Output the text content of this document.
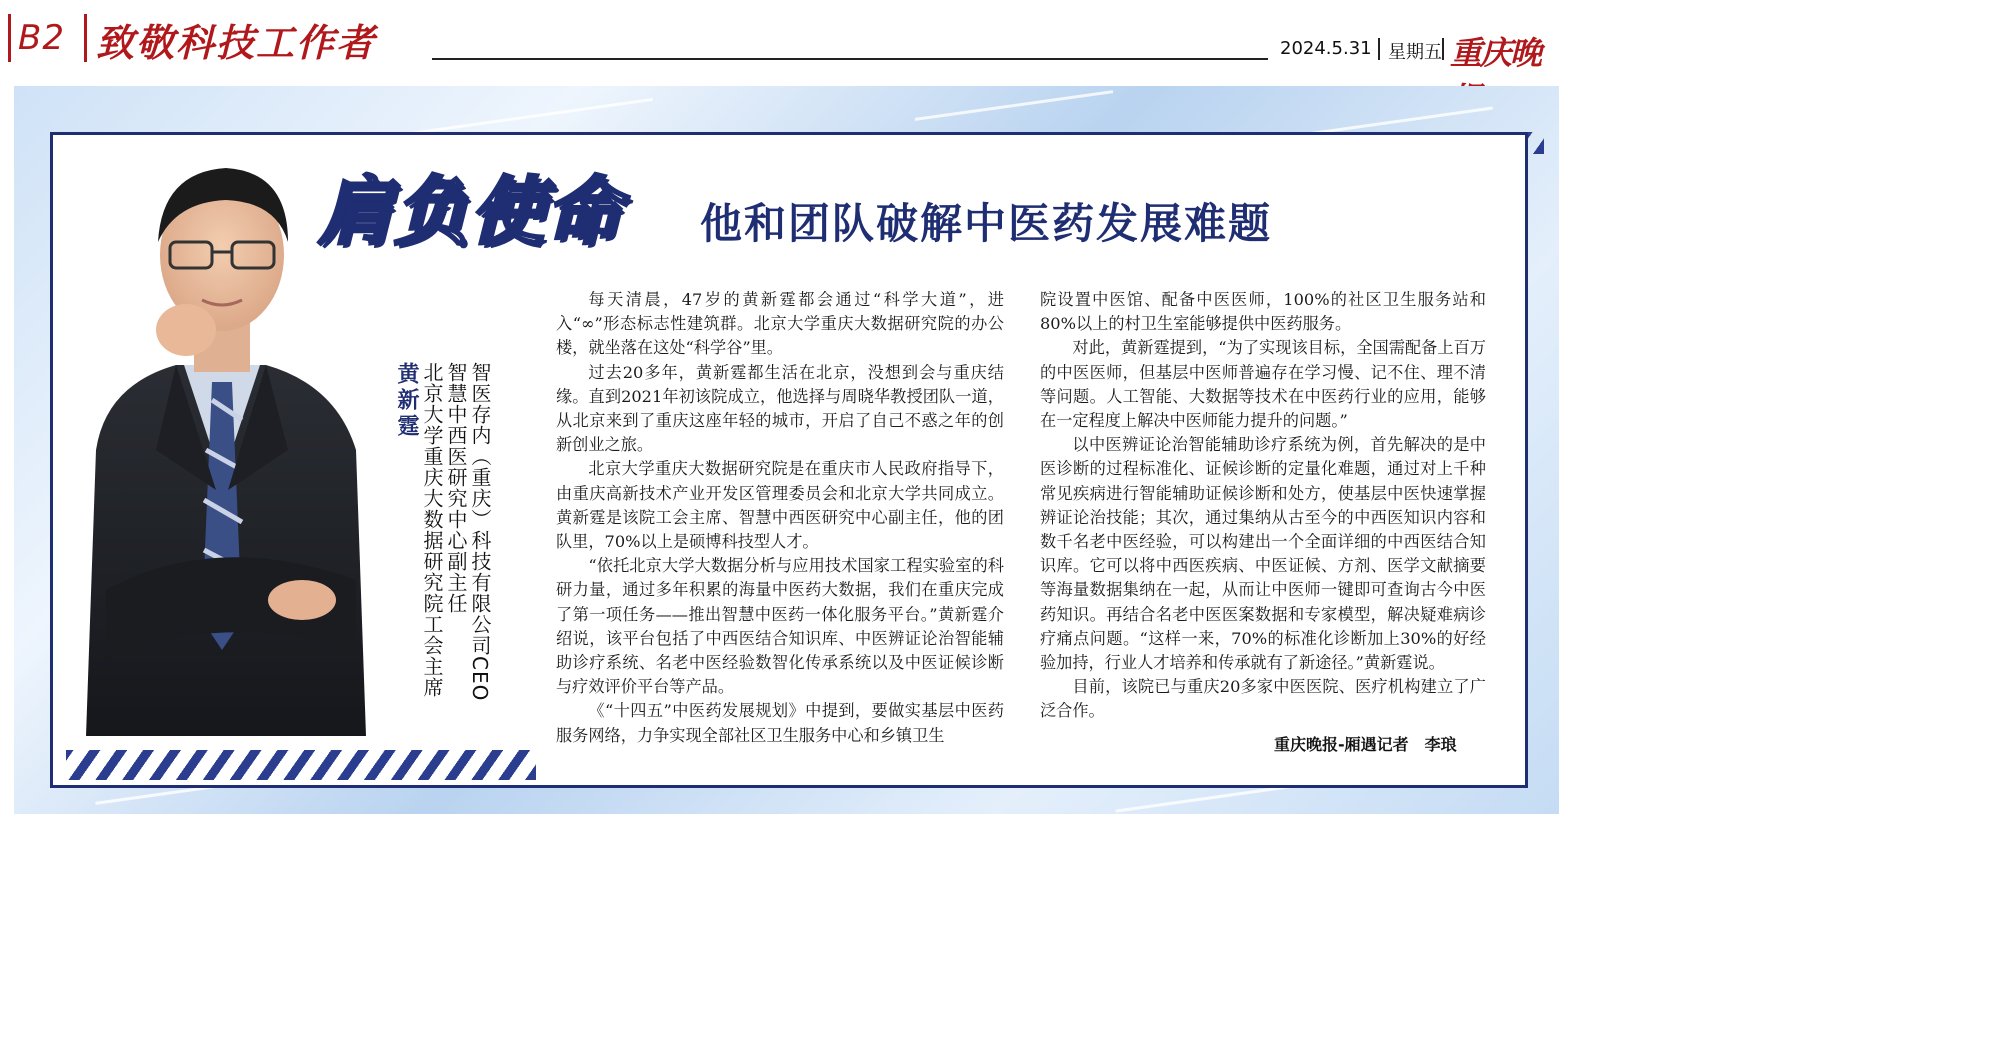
B2 致敬科技工作者	2024.5.31 星期五 重庆晚
肩负使命 他和团队破解中医药发展难题
黄新霆 智医存内（重庆）科技有限公司CEO
智慧中西医研究中心副主任
北京大学重庆大数据研究院工会主席

每天清晨，47岁的黄新霆都会通过“科学大道”，进入“∞”形态标志性建筑群。北京大学重庆大数据研究院的办公楼，就坐落在这处“科学谷”里。

过去20多年，黄新霆都生活在北京，没想到会与重庆结缘。直到2021年初该院成立，他选择与周晓华教授团队一道，从北京来到了重庆这座年轻的城市，开启了自己不惑之年的创新创业之旅。

北京大学重庆大数据研究院是在重庆市人民政府指导下，由重庆高新技术产业开发区管理委员会和北京大学共同成立。黄新霆是该院工会主席、智慧中西医研究中心副主任，他的团队里，70%以上是硕博科技型人才。

“依托北京大学大数据分析与应用技术国家工程实验室的科研力量，通过多年积累的海量中医药大数据，我们在重庆完成了第一项任务——推出智慧中医药一体化服务平台。”黄新霆介绍说，该平台包括了中西医结合知识库、中医辨证论治智能辅助诊疗系统、名老中医经验数智化传承系统以及中医证候诊断与疗效评价平台等产品。

《“十四五”中医药发展规划》中提到，要做实基层中医药服务网络，力争实现全部社区卫生服务中心和乡镇卫生

院设置中医馆、配备中医医师，100%的社区卫生服务站和80%以上的村卫生室能够提供中医药服务。

对此，黄新霆提到，“为了实现该目标，全国需配备上百万的中医医师，但基层中医师普遍存在学习慢、记不住、理不清等问题。人工智能、大数据等技术在中医药行业的应用，能够在一定程度上解决中医师能力提升的问题。”

以中医辨证论治智能辅助诊疗系统为例，首先解决的是中医诊断的过程标准化、证候诊断的定量化难题，通过对上千种常见疾病进行智能辅助证候诊断和处方，使基层中医快速掌握辨证论治技能；其次，通过集纳从古至今的中西医知识内容和数千名老中医经验，可以构建出一个全面详细的中西医结合知识库。它可以将中西医疾病、中医证候、方剂、医学文献摘要等海量数据集纳在一起，从而让中医师一键即可查询古今中医药知识。再结合名老中医医案数据和专家模型，解决疑难病诊疗痛点问题。“这样一来，70%的标准化诊断加上30%的好经验加持，行业人才培养和传承就有了新途径。”黄新霆说。

目前，该院已与重庆20多家中医医院、医疗机构建立了广泛合作。

重庆晚报-厢遇记者　李琅
